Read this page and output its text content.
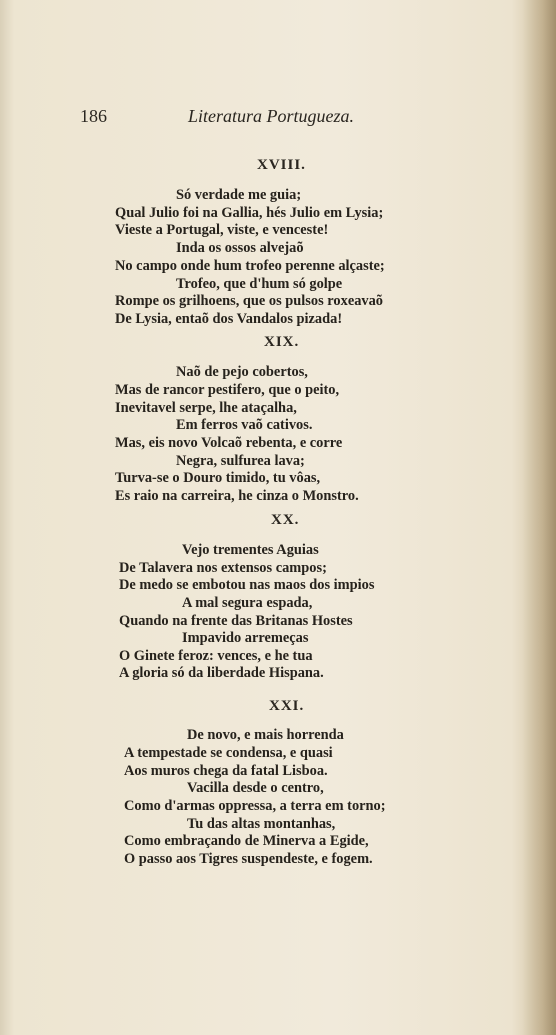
186	Literatura Portugueza.
XVIII.
Só verdade me guia;
Qual Julio foi na Gallia, hés Julio em Lysia;
Vieste a Portugal, viste, e venceste!
Inda os ossos alvejaõ
No campo onde hum trofeo perenne alçaste;
Trofeo, que d'hum só golpe
Rompe os grilhoens, que os pulsos roxeavaõ
De Lysia, entaõ dos Vandalos pizada!
XIX.
Naõ de pejo cobertos,
Mas de rancor pestifero, que o peito,
Inevitavel serpe, lhe ataçalha,
Em ferros vaõ cativos.
Mas, eis novo Volcaõ rebenta, e corre
Negra, sulfurea lava;
Turva-se o Douro timido, tu vôas,
Es raio na carreira, he cinza o Monstro.
XX.
Vejo trementes Aguias
De Talavera nos extensos campos;
De medo se embotou nas maos dos impios
A mal segura espada,
Quando na frente das Britanas Hostes
Impavido arremeças
O Ginete feroz: vences, e he tua
A gloria só da liberdade Hispana.
XXI.
De novo, e mais horrenda
A tempestade se condensa, e quasi
Aos muros chega da fatal Lisboa.
Vacilla desde o centro,
Como d'armas oppressa, a terra em torno;
Tu das altas montanhas,
Como embraçando de Minerva a Egide,
O passo aos Tigres suspendeste, e fogem.
